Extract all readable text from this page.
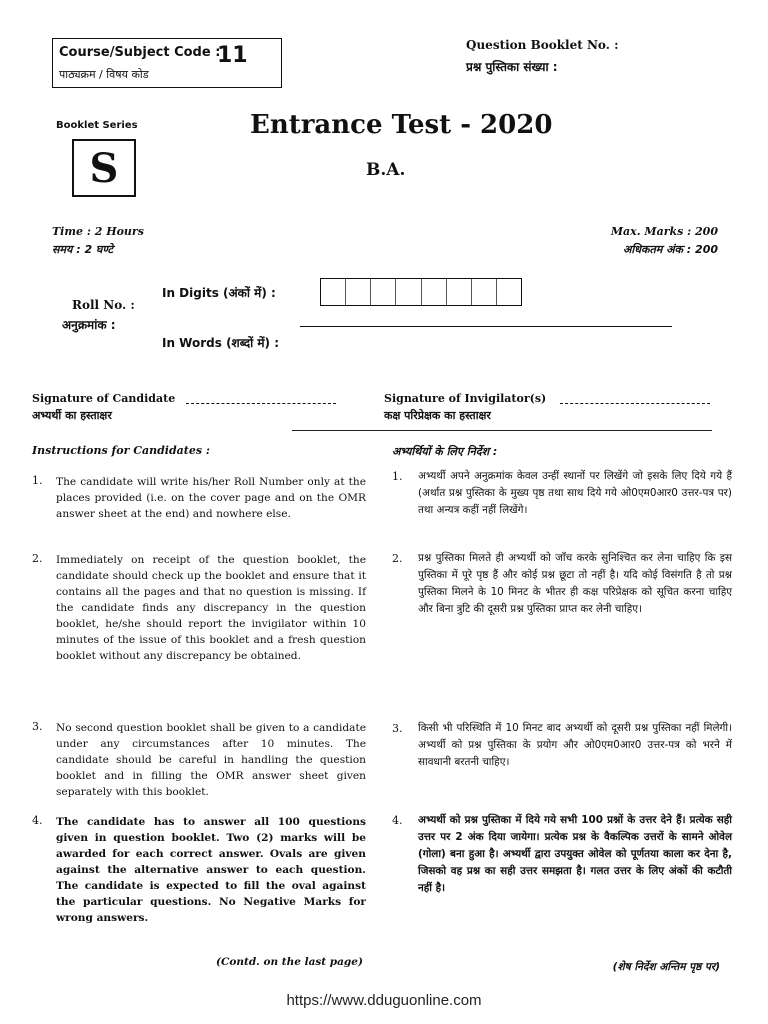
Course/Subject Code :
11
पाठ्यक्रम / विषय कोड
Question Booklet No. :
प्रश्न पुस्तिका संख्या :
Booklet Series
S
Entrance Test - 2020
B.A.
Time : 2 Hours
समय : 2 घण्टे
Max. Marks : 200
अधिकतम अंक : 200
In Digits (अंकों में) :
Roll No. :
अनुक्रमांक :
In Words (शब्दों में) :
Signature of Candidate
अभ्यर्थी का हस्ताक्षर
Signature of Invigilator(s)
कक्ष परिप्रेक्षक का हस्ताक्षर
Instructions for Candidates :	अभ्यर्थियों के लिए निर्देश :
1. The candidate will write his/her Roll Number only at the places provided (i.e. on the cover page and on the OMR answer sheet at the end) and nowhere else.
2. Immediately on receipt of the question booklet, the candidate should check up the booklet and ensure that it contains all the pages and that no question is missing. If the candidate finds any discrepancy in the question booklet, he/she should report the invigilator within 10 minutes of the issue of this booklet and a fresh question booklet without any discrepancy be obtained.
3. No second question booklet shall be given to a candidate under any circumstances after 10 minutes. The candidate should be careful in handling the question booklet and in filling the OMR answer sheet given separately with this booklet.
4. The candidate has to answer all 100 questions given in question booklet. Two (2) marks will be awarded for each correct answer. Ovals are given against the alternative answer to each question. The candidate is expected to fill the oval against the particular questions. No Negative Marks for wrong answers.
1. अभ्यर्थी अपने अनुक्रमांक केवल उन्हीं स्थानों पर लिखेंगे जो इसके लिए दिये गये हैं (अर्थात प्रश्न पुस्तिका के मुख्य पृष्ठ तथा साथ दिये गये ओ0एम0आर0 उत्तर-पत्र पर) तथा अन्यत्र कहीं नहीं लिखेंगे।
2. प्रश्न पुस्तिका मिलते ही अभ्यर्थी को जाँच करके सुनिश्चित कर लेना चाहिए कि इस पुस्तिका में पूरे पृष्ठ हैं और कोई प्रश्न छूटा तो नहीं है। यदि कोई विसंगति है तो प्रश्न पुस्तिका मिलने के 10 मिनट के भीतर ही कक्ष परिप्रेक्षक को सूचित करना चाहिए और बिना त्रुटि की दूसरी प्रश्न पुस्तिका प्राप्त कर लेनी चाहिए।
3. किसी भी परिस्थिति में 10 मिनट बाद अभ्यर्थी को दूसरी प्रश्न पुस्तिका नहीं मिलेगी। अभ्यर्थी को प्रश्न पुस्तिका के प्रयोग और ओ0एम0आर0 उत्तर-पत्र को भरने में सावधानी बरतनी चाहिए।
4. अभ्यर्थी को प्रश्न पुस्तिका में दिये गये सभी 100 प्रश्नों के उत्तर देने हैं। प्रत्येक सही उत्तर पर 2 अंक दिया जायेगा। प्रत्येक प्रश्न के वैकल्पिक उत्तरों के सामने ओवेल (गोला) बना हुआ है। अभ्यर्थी द्वारा उपयुक्त ओवेल को पूर्णतया काला कर देना है, जिसको वह प्रश्न का सही उत्तर समझता है। गलत उत्तर के लिए अंकों की कटौती नहीं है।
(Contd. on the last page)	(शेष निर्देश अन्तिम पृष्ठ पर)
https://www.dduguonline.com
